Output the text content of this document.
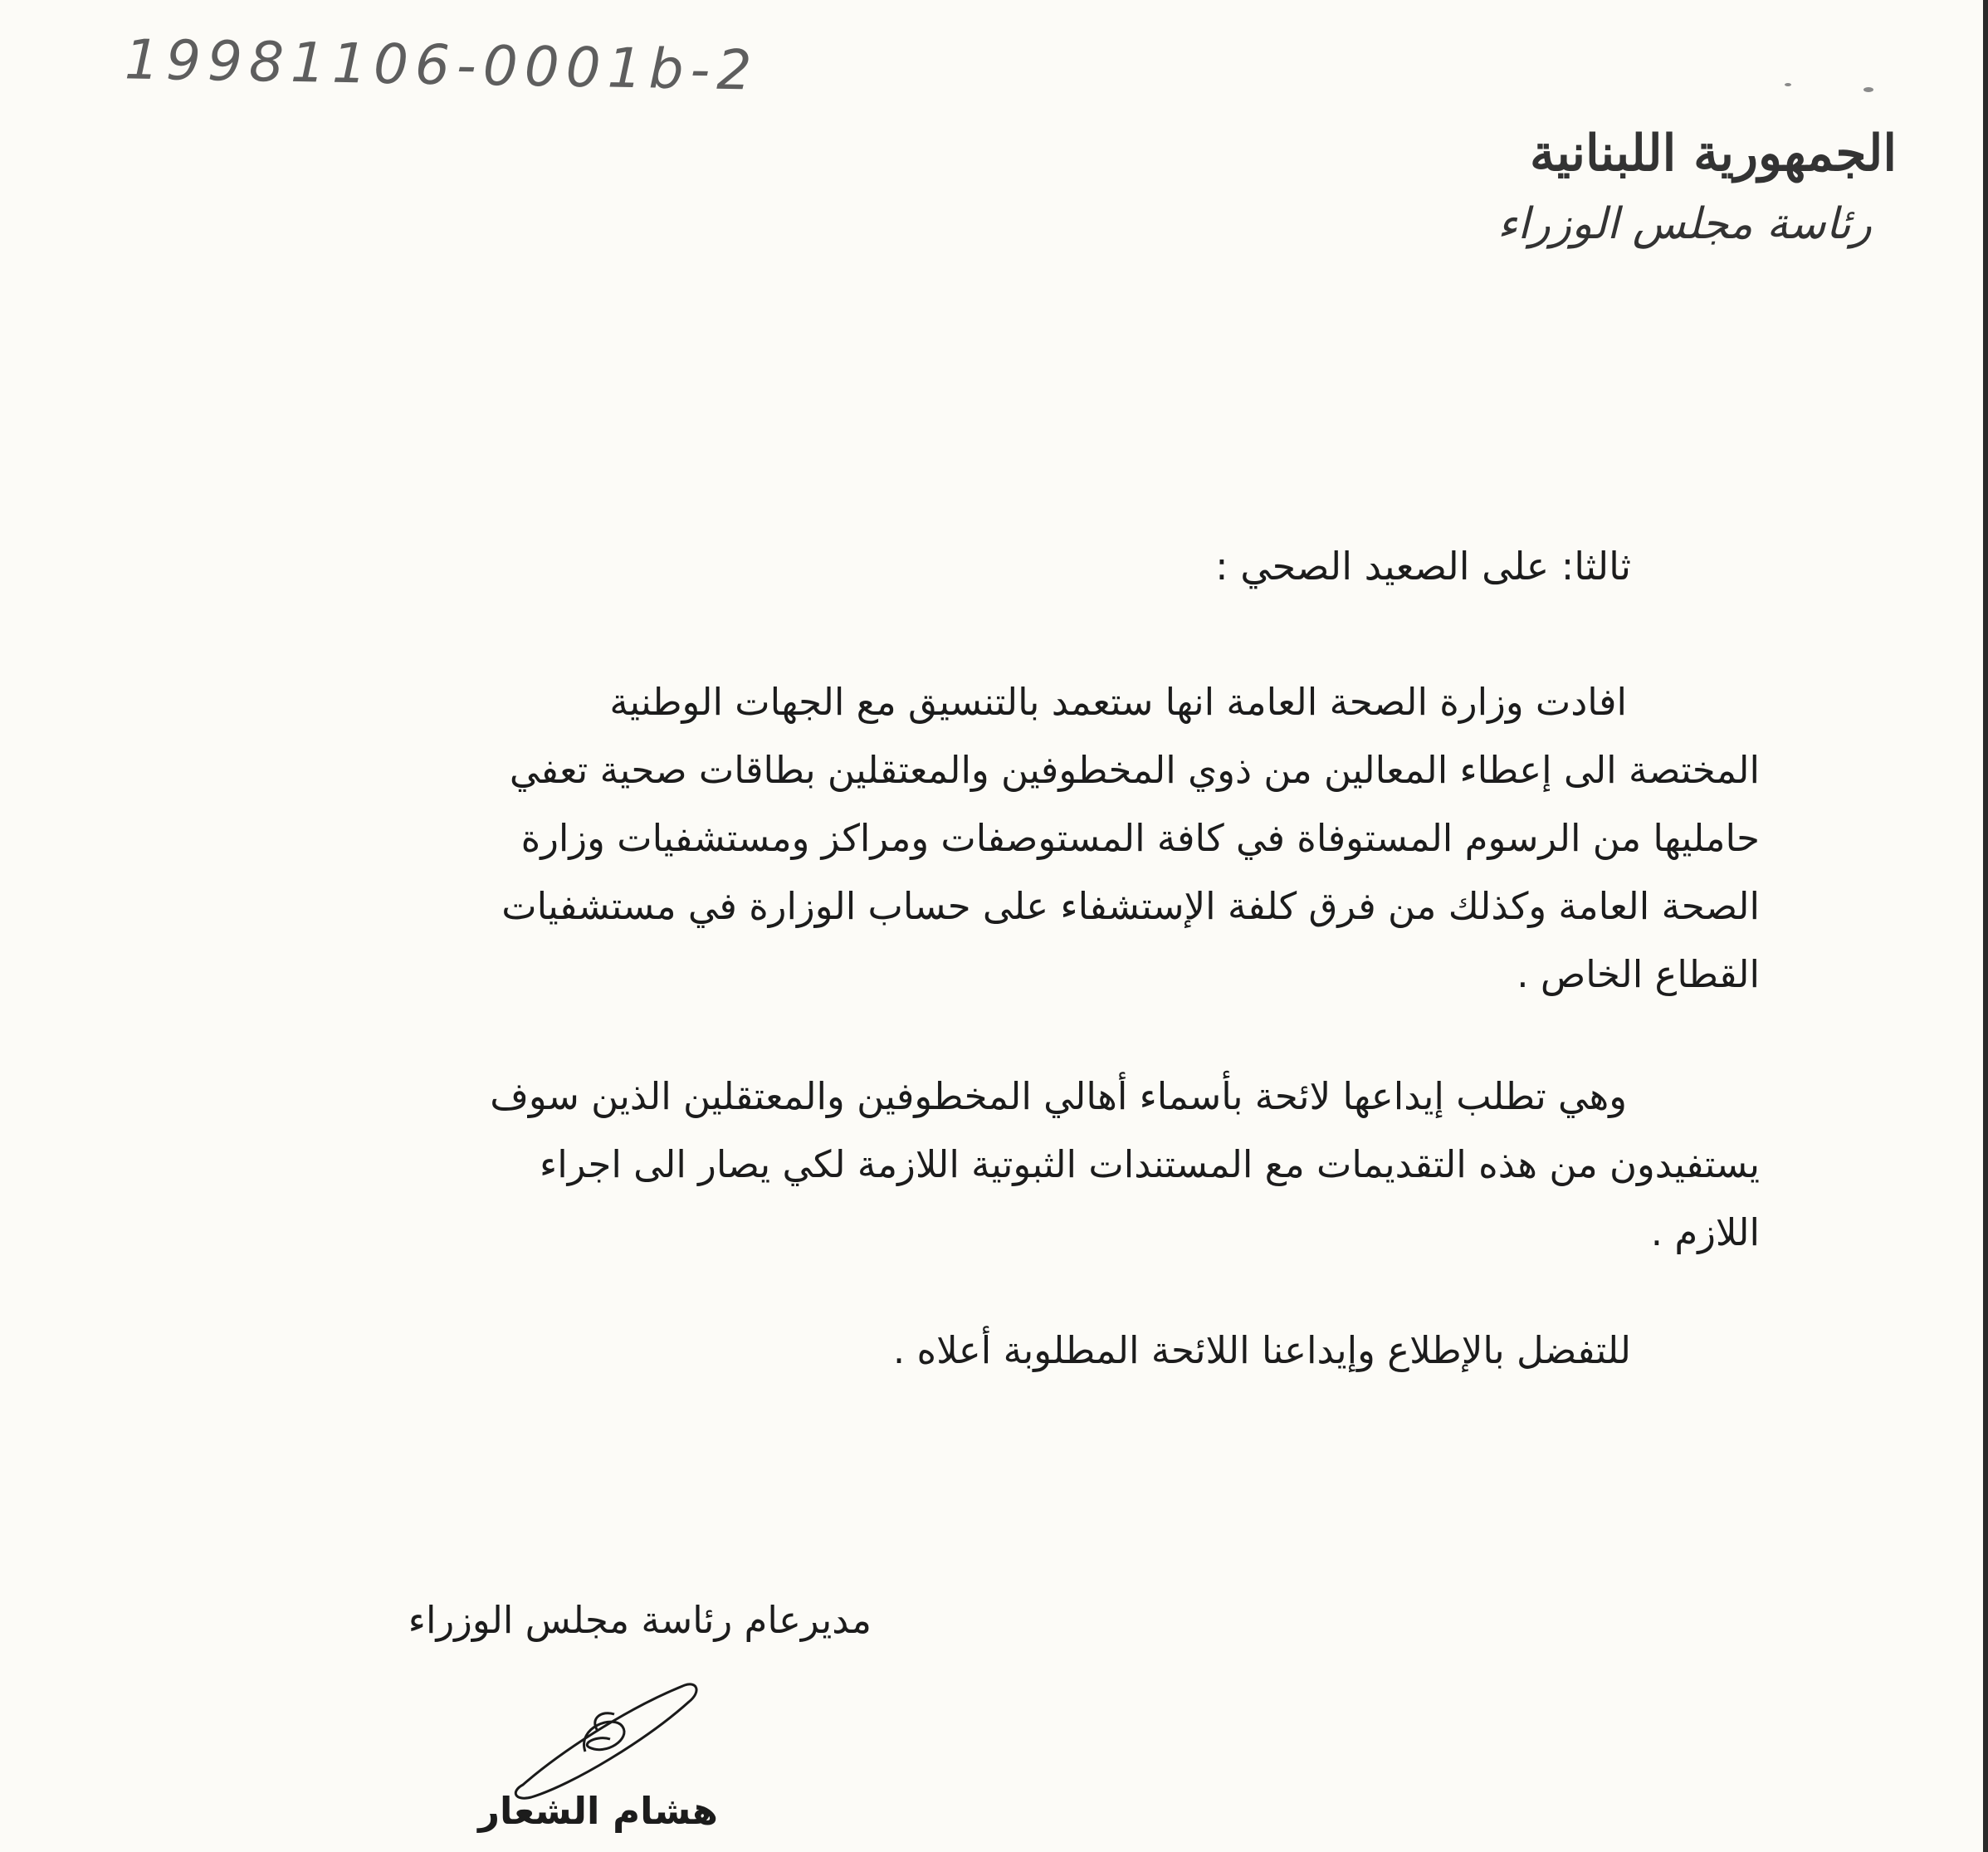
19981106-0001b-2
الجمهورية اللبنانية
رئاسة مجلس الوزراء
ثالثا: على الصعيد الصحي :
افادت وزارة الصحة العامة انها ستعمد بالتنسيق مع الجهات الوطنية
المختصة الى إعطاء المعالين من ذوي المخطوفين والمعتقلين بطاقات صحية تعفي
حامليها من الرسوم المستوفاة في كافة المستوصفات ومراكز ومستشفيات وزارة
الصحة العامة وكذلك من فرق كلفة الإستشفاء على حساب الوزارة في مستشفيات
القطاع الخاص .
وهي تطلب إيداعها لائحة بأسماء أهالي المخطوفين والمعتقلين الذين سوف
يستفيدون من هذه التقديمات مع المستندات الثبوتية اللازمة لكي يصار الى اجراء
اللازم .
للتفضل بالإطلاع وإيداعنا اللائحة المطلوبة أعلاه .
مديرعام رئاسة مجلس الوزراء
هشام الشعار
